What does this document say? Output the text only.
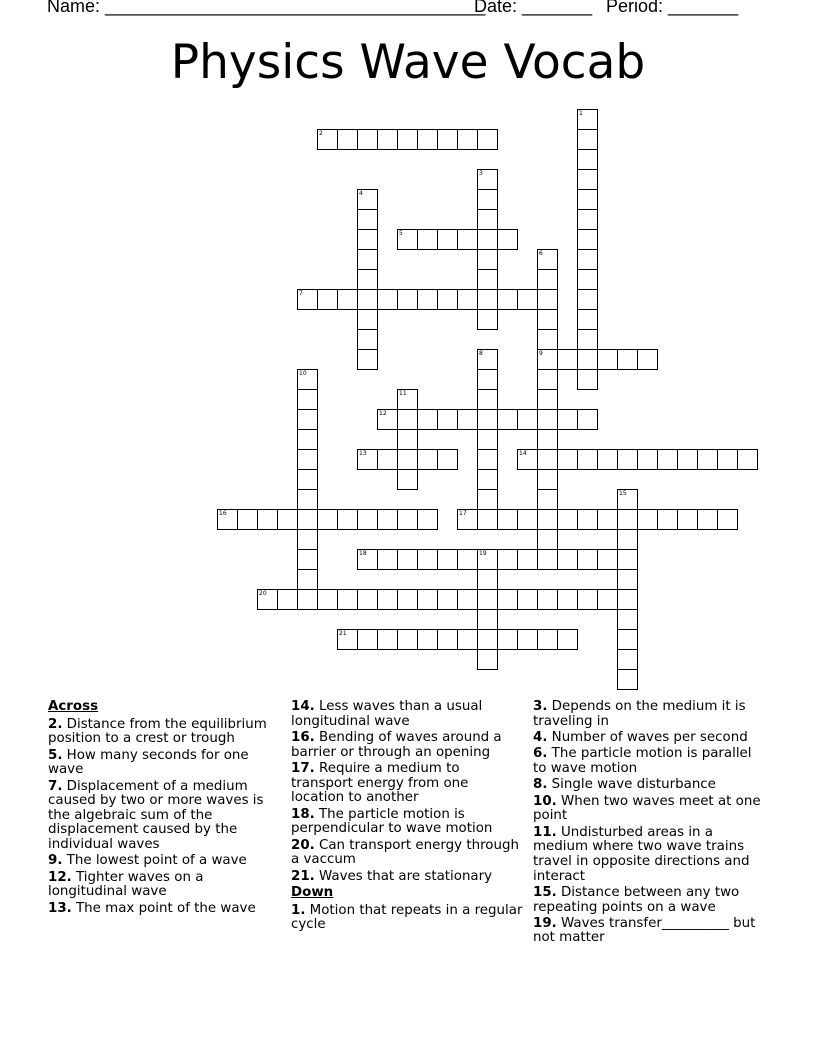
Name: ______________________________________

Date: _______

Period: _______

Physics Wave Vocab
2
5
7
9
12
13	14
16	17
18	19
20
21
1
3
4
6
8
10
11
15
Across
2. Distance from the equilibrium position to a crest or trough
5. How many seconds for one wave
7. Displacement of a medium caused by two or more waves is the algebraic sum of the displacement caused by the individual waves
9. The lowest point of a wave
12. Tighter waves on a longitudinal wave
13. The max point of the wave
14. Less waves than a usual longitudinal wave
16. Bending of waves around a barrier or through an opening
17. Require a medium to transport energy from one location to another
18. The particle motion is perpendicular to wave motion
20. Can transport energy through a vaccum
21. Waves that are stationary
Down
1. Motion that repeats in a regular cycle
3. Depends on the medium it is traveling in
4. Number of waves per second
6. The particle motion is parallel to wave motion
8. Single wave disturbance
10. When two waves meet at one point
11. Undisturbed areas in a medium where two wave trains travel in opposite directions and interact
15. Distance between any two repeating points on a wave
19. Waves transfer__________ but not matter
